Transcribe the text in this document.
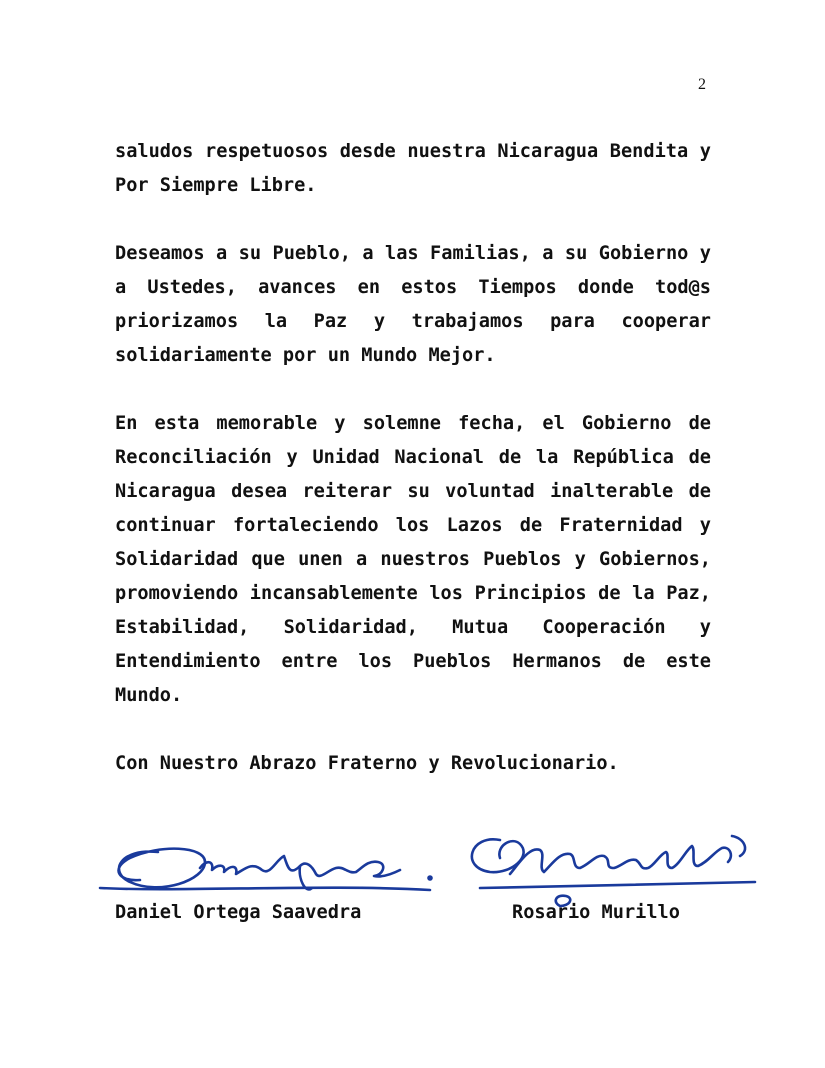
2

saludos respetuosos desde nuestra Nicaragua Bendita y Por Siempre Libre.

Deseamos a su Pueblo, a las Familias, a su Gobierno y a Ustedes, avances en estos Tiempos donde tod@s priorizamos la Paz y trabajamos para cooperar solidariamente por un Mundo Mejor.

En esta memorable y solemne fecha, el Gobierno de Reconciliación y Unidad Nacional de la República de Nicaragua desea reiterar su voluntad inalterable de continuar fortaleciendo los Lazos de Fraternidad y Solidaridad que unen a nuestros Pueblos y Gobiernos, promoviendo incansablemente los Principios de la Paz, Estabilidad, Solidaridad, Mutua Cooperación y Entendimiento entre los Pueblos Hermanos de este Mundo.

Con Nuestro Abrazo Fraterno y Revolucionario.

Daniel Ortega Saavedra	Rosario Murillo
